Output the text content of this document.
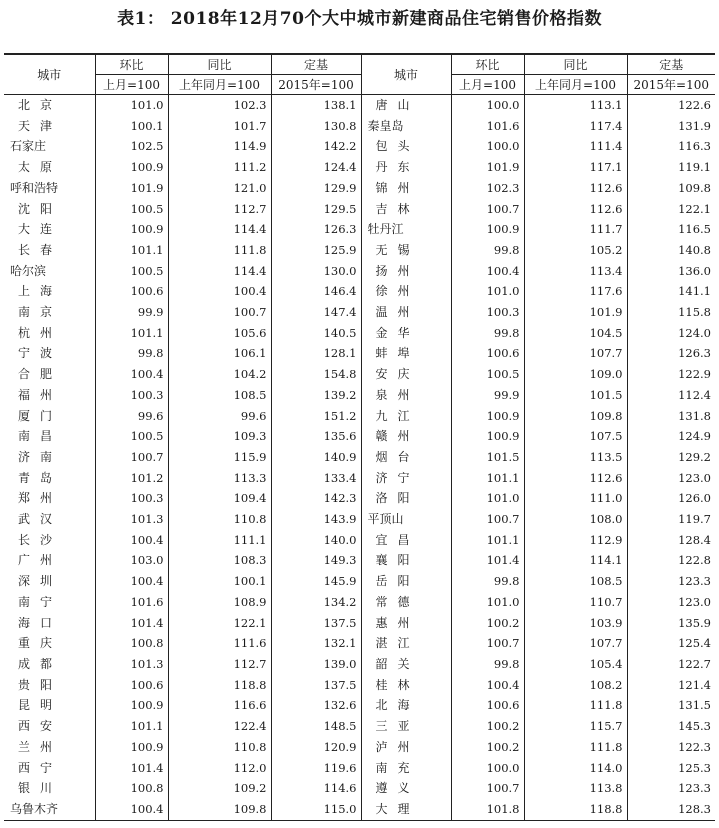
表1： 2018年12月70个大中城市新建商品住宅销售价格指数
城市	环比	同比	定基	城市	环比	同比	定基
	上月=100	上年同月=100	2015年=100		上月=100	上年同月=100	2015年=100
北京	101.0	102.3	138.1	唐山	100.0	113.1	122.6
天津	100.1	101.7	130.8	秦皇岛	101.6	117.4	131.9
石家庄	102.5	114.9	142.2	包头	100.0	111.4	116.3
太原	100.9	111.2	124.4	丹东	101.9	117.1	119.1
呼和浩特	101.9	121.0	129.9	锦州	102.3	112.6	109.8
沈阳	100.5	112.7	129.5	吉林	100.7	112.6	122.1
大连	100.9	114.4	126.3	牡丹江	100.9	111.7	116.5
长春	101.1	111.8	125.9	无锡	99.8	105.2	140.8
哈尔滨	100.5	114.4	130.0	扬州	100.4	113.4	136.0
上海	100.6	100.4	146.4	徐州	101.0	117.6	141.1
南京	99.9	100.7	147.4	温州	100.3	101.9	115.8
杭州	101.1	105.6	140.5	金华	99.8	104.5	124.0
宁波	99.8	106.1	128.1	蚌埠	100.6	107.7	126.3
合肥	100.4	104.2	154.8	安庆	100.5	109.0	122.9
福州	100.3	108.5	139.2	泉州	99.9	101.5	112.4
厦门	99.6	99.6	151.2	九江	100.9	109.8	131.8
南昌	100.5	109.3	135.6	赣州	100.9	107.5	124.9
济南	100.7	115.9	140.9	烟台	101.5	113.5	129.2
青岛	101.2	113.3	133.4	济宁	101.1	112.6	123.0
郑州	100.3	109.4	142.3	洛阳	101.0	111.0	126.0
武汉	101.3	110.8	143.9	平顶山	100.7	108.0	119.7
长沙	100.4	111.1	140.0	宜昌	101.1	112.9	128.4
广州	103.0	108.3	149.3	襄阳	101.4	114.1	122.8
深圳	100.4	100.1	145.9	岳阳	99.8	108.5	123.3
南宁	101.6	108.9	134.2	常德	101.0	110.7	123.0
海口	101.4	122.1	137.5	惠州	100.2	103.9	135.9
重庆	100.8	111.6	132.1	湛江	100.7	107.7	125.4
成都	101.3	112.7	139.0	韶关	99.8	105.4	122.7
贵阳	100.6	118.8	137.5	桂林	100.4	108.2	121.4
昆明	100.9	116.6	132.6	北海	100.6	111.8	131.5
西安	101.1	122.4	148.5	三亚	100.2	115.7	145.3
兰州	100.9	110.8	120.9	泸州	100.2	111.8	122.3
西宁	101.4	112.0	119.6	南充	100.0	114.0	125.3
银川	100.8	109.2	114.6	遵义	100.7	113.8	123.3
乌鲁木齐	100.4	109.8	115.0	大理	101.8	118.8	128.3
